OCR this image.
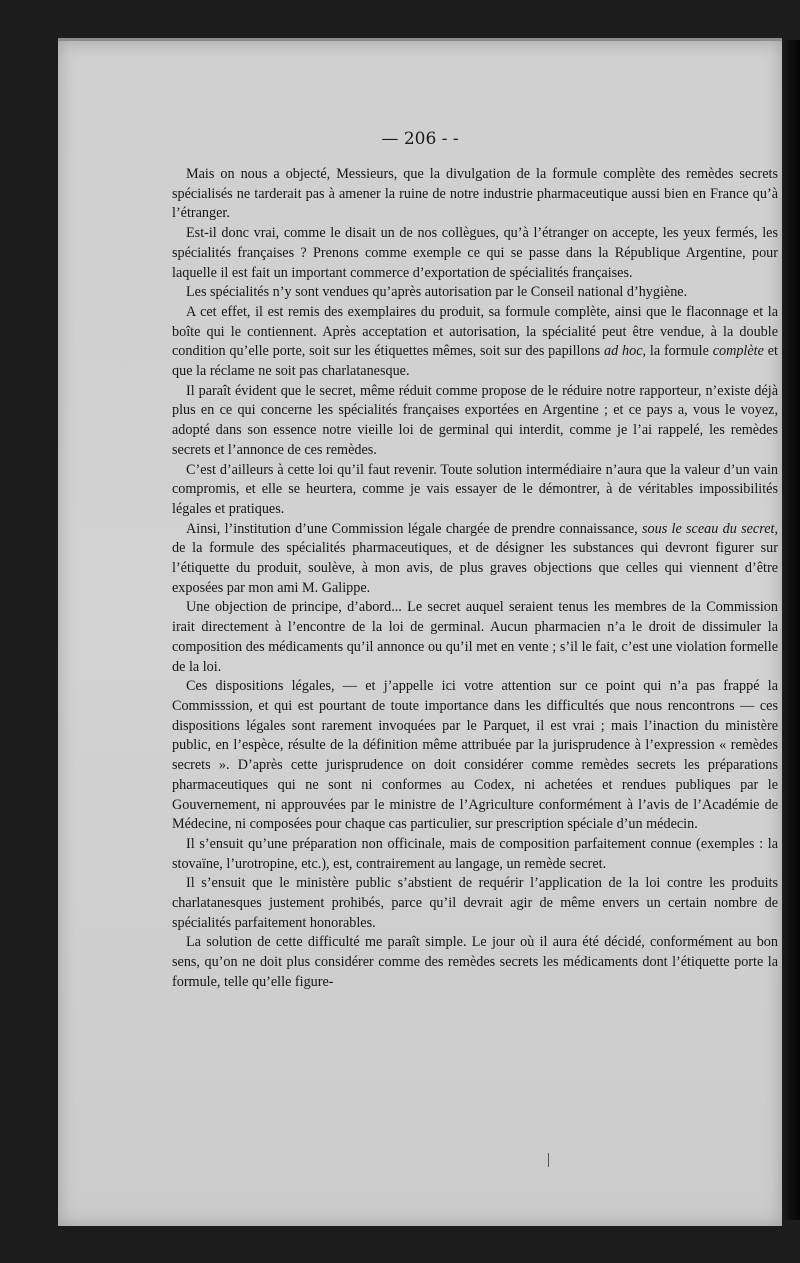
— 206 - -

Mais on nous a objecté, Messieurs, que la divulgation de la formule complète des remèdes secrets spécialisés ne tarderait pas à amener la ruine de notre industrie pharmaceutique aussi bien en France qu’à l’étranger.

Est-il donc vrai, comme le disait un de nos collègues, qu’à l’étranger on accepte, les yeux fermés, les spécialités françaises ? Prenons comme exemple ce qui se passe dans la République Argentine, pour laquelle il est fait un important commerce d’exportation de spécialités françaises.

Les spécialités n’y sont vendues qu’après autorisation par le Conseil national d’hygiène.

A cet effet, il est remis des exemplaires du produit, sa formule complète, ainsi que le flaconnage et la boîte qui le contiennent. Après acceptation et autorisation, la spécialité peut être vendue, à la double condition qu’elle porte, soit sur les étiquettes mêmes, soit sur des papillons ad hoc, la formule complète et que la réclame ne soit pas charlatanesque.

Il paraît évident que le secret, même réduit comme propose de le réduire notre rapporteur, n’existe déjà plus en ce qui concerne les spécialités françaises exportées en Argentine ; et ce pays a, vous le voyez, adopté dans son essence notre vieille loi de germinal qui interdit, comme je l’ai rappelé, les remèdes secrets et l’annonce de ces remèdes.

C’est d’ailleurs à cette loi qu’il faut revenir. Toute solution intermédiaire n’aura que la valeur d’un vain compromis, et elle se heurtera, comme je vais essayer de le démontrer, à de véritables impossibilités légales et pratiques.

Ainsi, l’institution d’une Commission légale chargée de prendre connaissance, sous le sceau du secret, de la formule des spécialités pharmaceutiques, et de désigner les substances qui devront figurer sur l’étiquette du produit, soulève, à mon avis, de plus graves objections que celles qui viennent d’être exposées par mon ami M. Galippe.

Une objection de principe, d’abord... Le secret auquel seraient tenus les membres de la Commission irait directement à l’encontre de la loi de germinal. Aucun pharmacien n’a le droit de dissimuler la composition des médicaments qu’il annonce ou qu’il met en vente ; s’il le fait, c’est une violation formelle de la loi.

Ces dispositions légales, — et j’appelle ici votre attention sur ce point qui n’a pas frappé la Commisssion, et qui est pourtant de toute importance dans les difficultés que nous rencontrons — ces dispositions légales sont rarement invoquées par le Parquet, il est vrai ; mais l’inaction du ministère public, en l’espèce, résulte de la définition même attribuée par la jurisprudence à l’expression « remèdes secrets ». D’après cette jurisprudence on doit considérer comme remèdes secrets les préparations pharmaceutiques qui ne sont ni conformes au Codex, ni achetées et rendues publiques par le Gouvernement, ni approuvées par le ministre de l’Agriculture conformément à l’avis de l’Académie de Médecine, ni composées pour chaque cas particulier, sur prescription spéciale d’un médecin.

Il s’ensuit qu’une préparation non officinale, mais de composition parfaitement connue (exemples : la stovaïne, l’urotropine, etc.), est, contrairement au langage, un remède secret.

Il s’ensuit que le ministère public s’abstient de requérir l’application de la loi contre les produits charlatanesques justement prohibés, parce qu’il devrait agir de même envers un certain nombre de spécialités parfaitement honorables.

La solution de cette difficulté me paraît simple. Le jour où il aura été décidé, conformément au bon sens, qu’on ne doit plus considérer comme des remèdes secrets les médicaments dont l’étiquette porte la formule, telle qu’elle figure-
